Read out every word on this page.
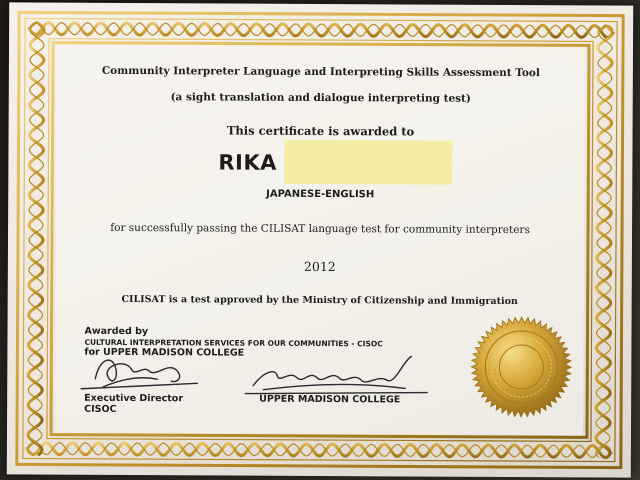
Community Interpreter Language and Interpreting Skills Assessment Tool
(a sight translation and dialogue interpreting test)
This certificate is awarded to
RIKA
JAPANESE-ENGLISH
for successfully passing the CILISAT language test for community interpreters
2012
CILISAT is a test approved by the Ministry of Citizenship and Immigration
Awarded by
CULTURAL INTERPRETATION SERVICES FOR OUR COMMUNITIES - CISOC
for UPPER MADISON COLLEGE
Executive Director
CISOC
UPPER MADISON COLLEGE
